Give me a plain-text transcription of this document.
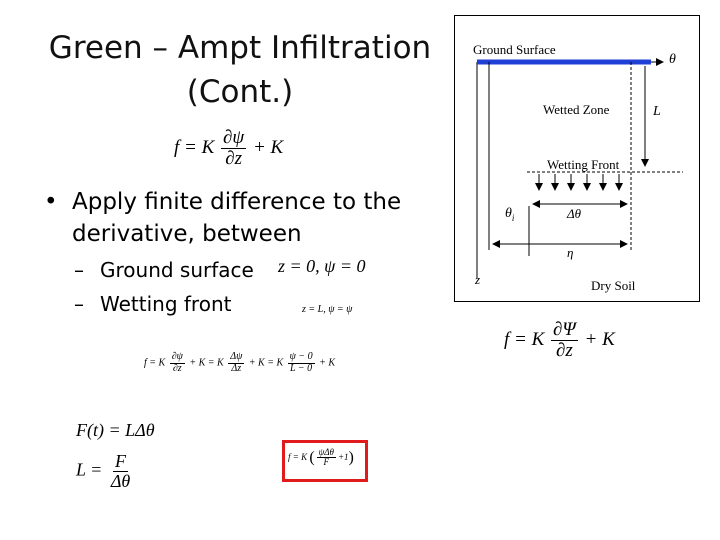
Green – Ampt Infiltration
(Cont.)
f = K $\frac{\partial\psi}{\partial z} + K$
• Apply finite difference to the derivative, between
– Ground surface
– Wetting front
z = 0, ψ = 0
z = L, ψ = ψ
f = K $\frac{\partial\psi}{\partial z} + K = K \frac{\Delta\psi}{\Delta z} + K = K \frac{\psi - 0}{L - 0} + K$
F(t) = LΔθ
$L = \frac{F}{\Delta\theta}$	f = K ( $\frac{\text{ψΔθ}}{F} +1$)
Ground Surface
θ
Wetted Zone	L
Wetting Front
$\theta_i$	Δθ
η
z	Dry Soil
f = K $\frac{\partial\Psi}{\partial z} + K$
